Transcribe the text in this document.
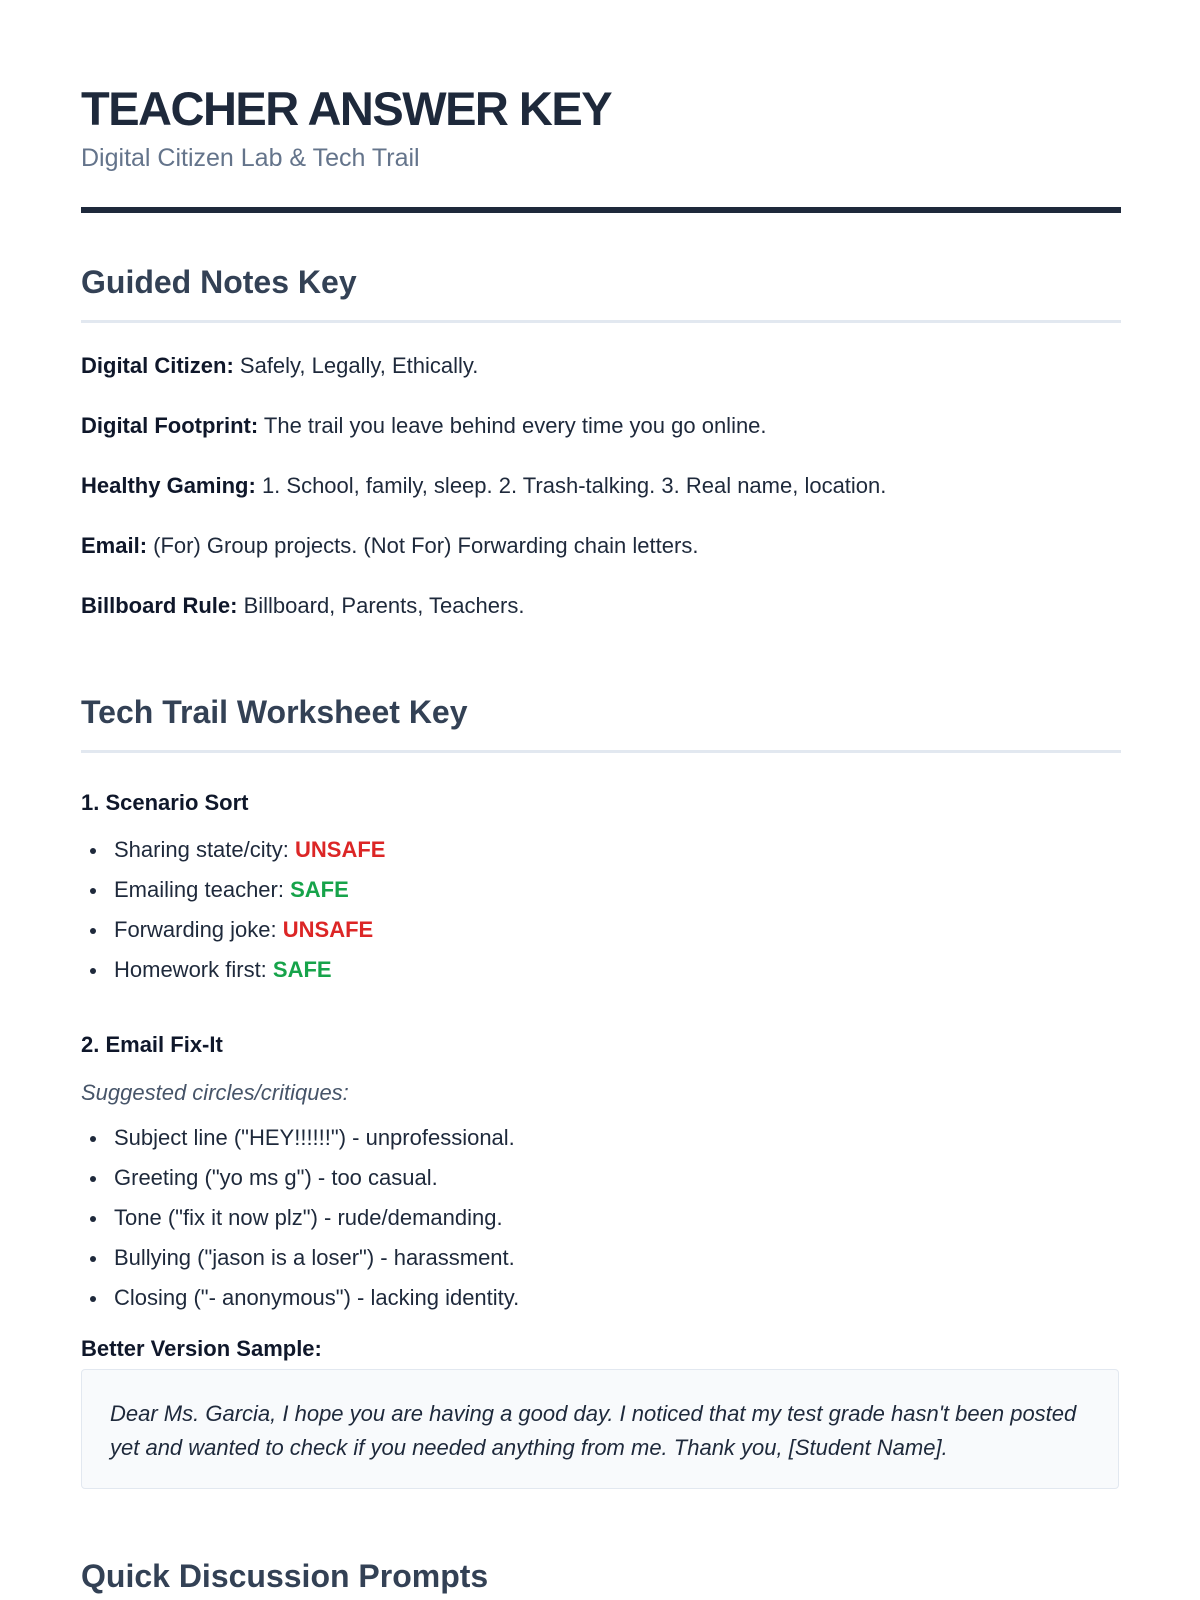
TEACHER ANSWER KEY

Digital Citizen Lab & Tech Trail

Guided Notes Key

Digital Citizen: Safely, Legally, Ethically.

Digital Footprint: The trail you leave behind every time you go online.

Healthy Gaming: 1. School, family, sleep. 2. Trash-talking. 3. Real name, location.

Email: (For) Group projects. (Not For) Forwarding chain letters.

Billboard Rule: Billboard, Parents, Teachers.

Tech Trail Worksheet Key
1. Scenario Sort
Sharing state/city: UNSAFE
Emailing teacher: SAFE
Forwarding joke: UNSAFE
Homework first: SAFE
2. Email Fix-It

Suggested circles/critiques:

Subject line ("HEY!!!!!!") - unprofessional.
Greeting ("yo ms g") - too casual.
Tone ("fix it now plz") - rude/demanding.
Bullying ("jason is a loser") - harassment.
Closing ("- anonymous") - lacking identity.
Better Version Sample:

Dear Ms. Garcia, I hope you are having a good day. I noticed that my test grade hasn't been posted yet and wanted to check if you needed anything from me. Thank you, [Student Name].

Quick Discussion Prompts
